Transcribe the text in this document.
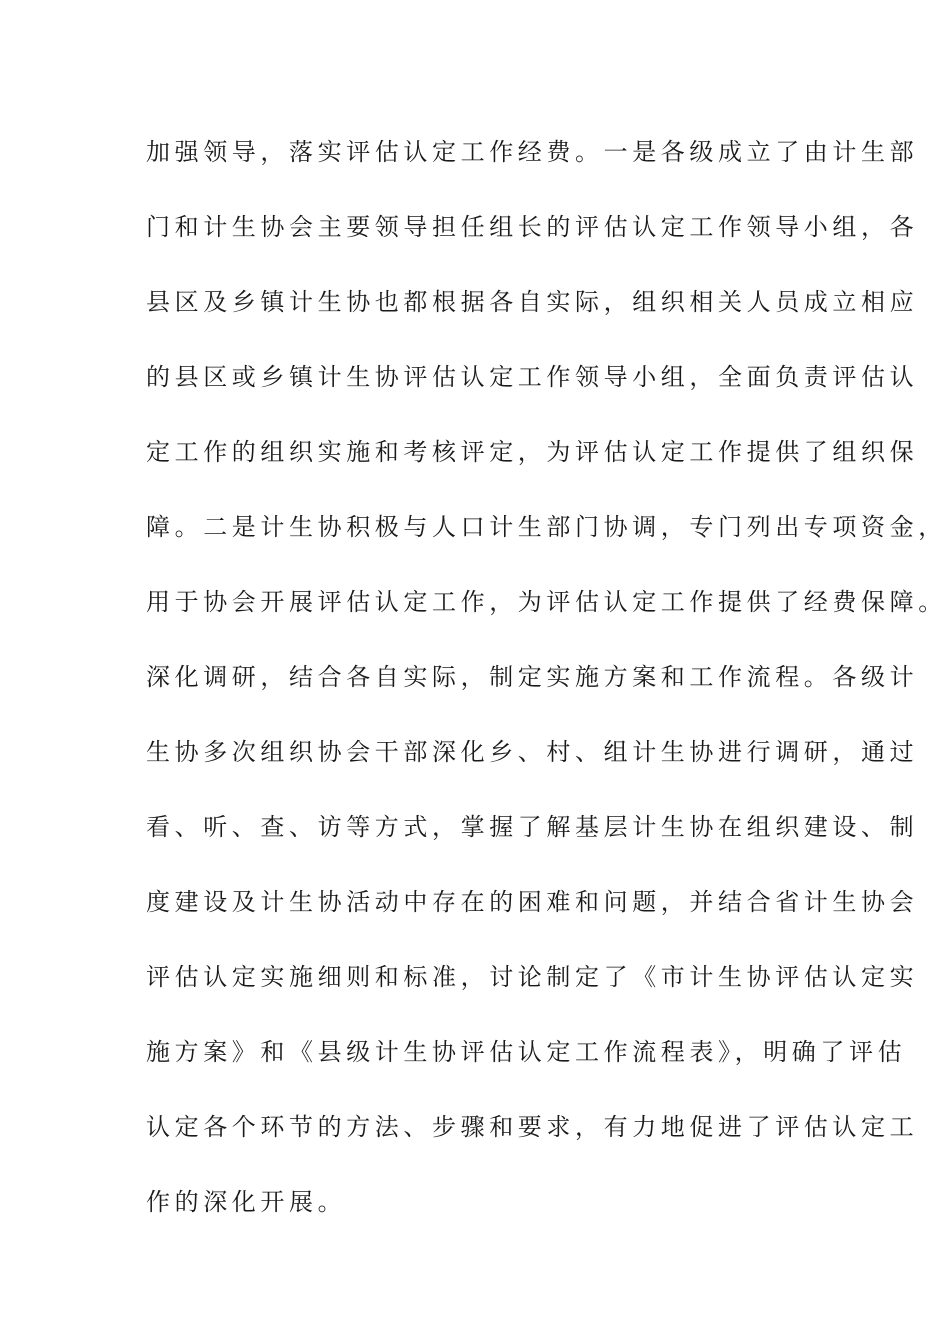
加强领导，落实评估认定工作经费。一是各级成立了由计生部
门和计生协会主要领导担任组长的评估认定工作领导小组，各
县区及乡镇计生协也都根据各自实际，组织相关人员成立相应
的县区或乡镇计生协评估认定工作领导小组，全面负责评估认
定工作的组织实施和考核评定，为评估认定工作提供了组织保
障。二是计生协积极与人口计生部门协调，专门列出专项资金，
用于协会开展评估认定工作，为评估认定工作提供了经费保障。
深化调研，结合各自实际，制定实施方案和工作流程。各级计
生协多次组织协会干部深化乡、村、组计生协进行调研，通过
看、听、查、访等方式，掌握了解基层计生协在组织建设、制
度建设及计生协活动中存在的困难和问题，并结合省计生协会
评估认定实施细则和标准，讨论制定了《市计生协评估认定实
施方案》和《县级计生协评估认定工作流程表》，明确了评估
认定各个环节的方法、步骤和要求，有力地促进了评估认定工
作的深化开展。
